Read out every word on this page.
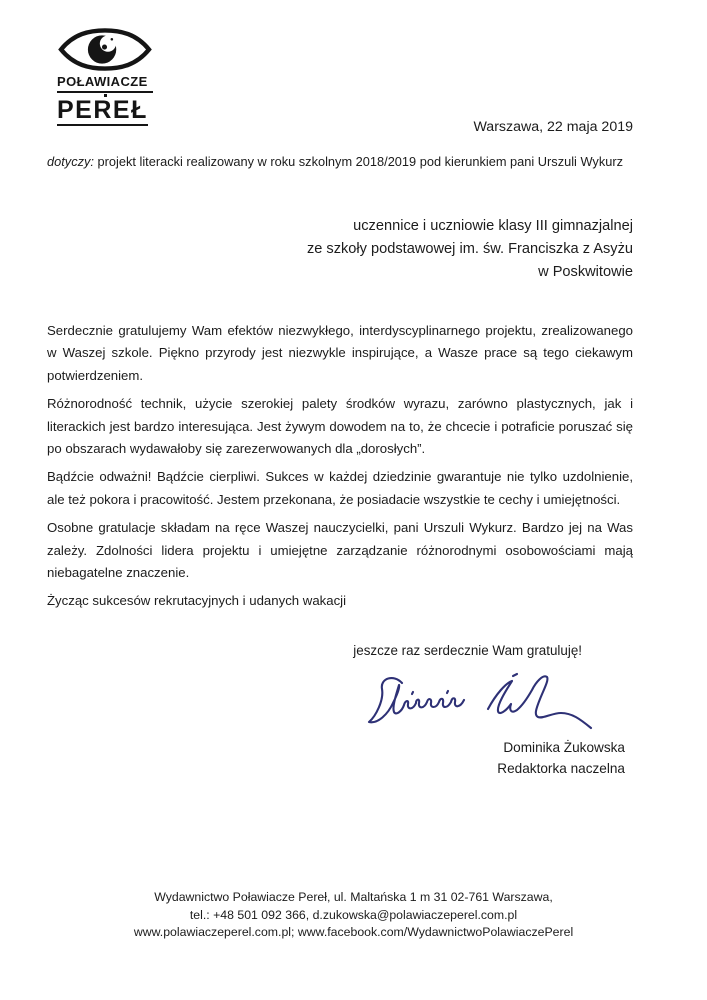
POŁAWIACZE
PEREŁ
Warszawa, 22 maja 2019
dotyczy: projekt literacki realizowany w roku szkolnym 2018/2019 pod kierunkiem pani Urszuli Wykurz
uczennice i uczniowie klasy III gimnazjalnej
ze szkoły podstawowej im. św. Franciszka z Asyżu
w Poskwitowie

Serdecznie gratulujemy Wam efektów niezwykłego, interdyscyplinarnego projektu, zrealizowanego w Waszej szkole. Piękno przyrody jest niezwykle inspirujące, a Wasze prace są tego ciekawym potwierdzeniem.

Różnorodność technik, użycie szerokiej palety środków wyrazu, zarówno plastycznych, jak i literackich jest bardzo interesująca. Jest żywym dowodem na to, że chcecie i potraficie poruszać się po obszarach wydawałoby się zarezerwowanych dla „dorosłych”.

Bądźcie odważni! Bądźcie cierpliwi. Sukces w każdej dziedzinie gwarantuje nie tylko uzdolnienie, ale też pokora i pracowitość. Jestem przekonana, że posiadacie wszystkie te cechy i umiejętności.

Osobne gratulacje składam na ręce Waszej nauczycielki, pani Urszuli Wykurz. Bardzo jej na Was zależy. Zdolności lidera projektu i umiejętne zarządzanie różnorodnymi osobowościami mają niebagatelne znaczenie.

Życząc sukcesów rekrutacyjnych i udanych wakacji

jeszcze raz serdecznie Wam gratuluję!
Dominika Żukowska
Redaktorka naczelna
Wydawnictwo Poławiacze Pereł, ul. Maltańska 1 m 31 02-761 Warszawa,
tel.: +48 501 092 366, d.zukowska@polawiaczeperel.com.pl
www.polawiaczeperel.com.pl; www.facebook.com/WydawnictwoPolawiaczePerel
